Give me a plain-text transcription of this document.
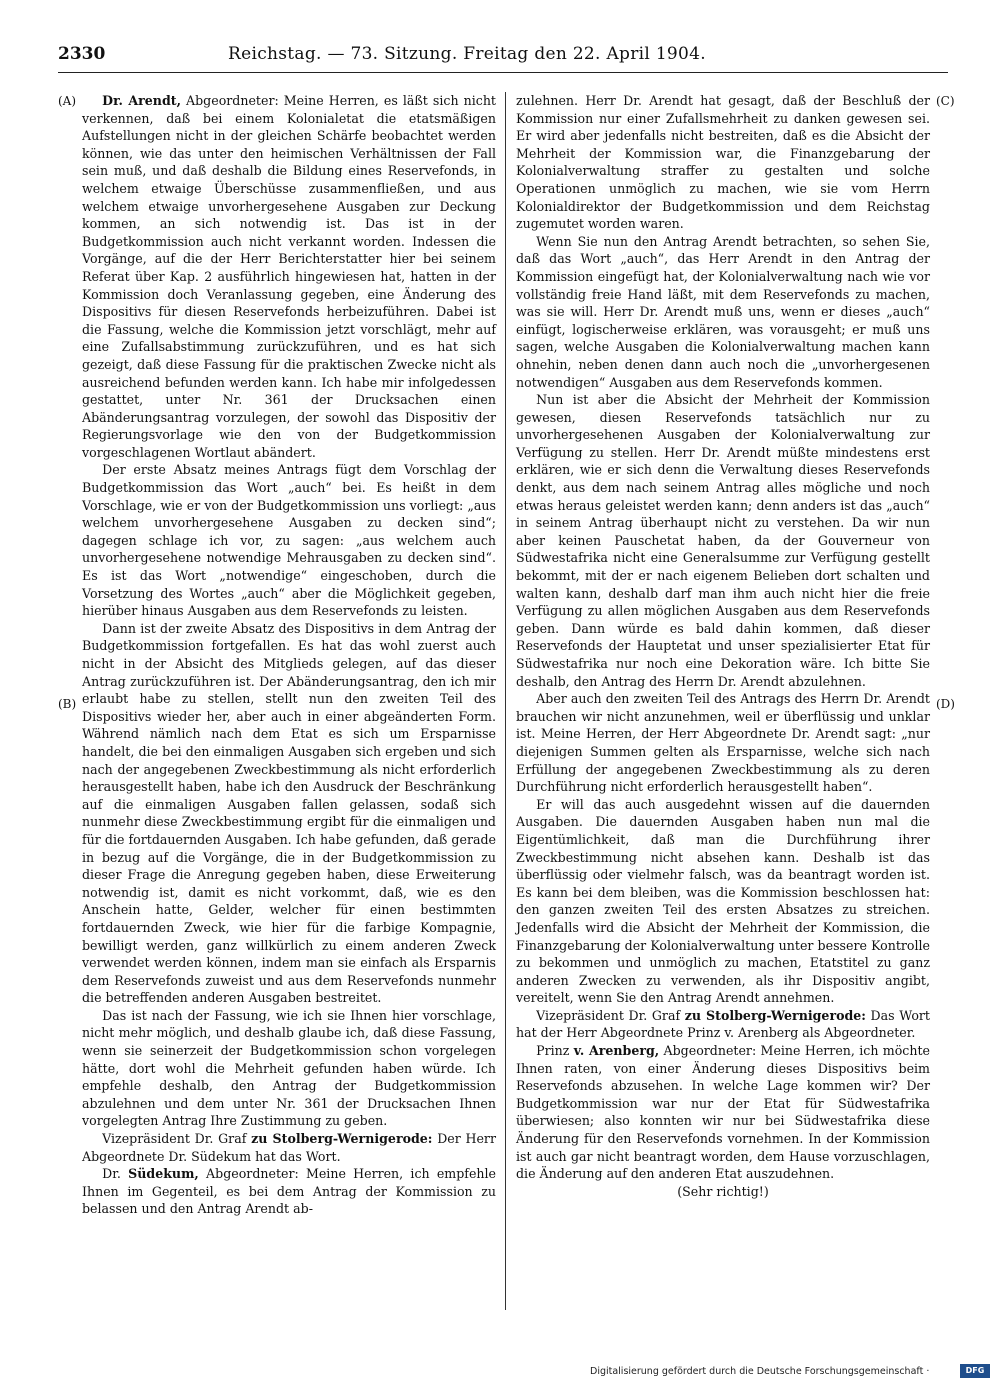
2330	Reichstag. — 73. Sitzung. Freitag den 22. April 1904.
(A)
(B)
(C)
(D)

Dr. Arendt, Abgeordneter: Meine Herren, es läßt sich nicht verkennen, daß bei einem Kolonialetat die etatsmäßigen Aufstellungen nicht in der gleichen Schärfe beobachtet werden können, wie das unter den heimischen Verhältnissen der Fall sein muß, und daß deshalb die Bildung eines Reservefonds, in welchem etwaige Überschüsse zusammenfließen, und aus welchem etwaige unvorhergesehene Ausgaben zur Deckung kommen, an sich notwendig ist. Das ist in der Budgetkommission auch nicht verkannt worden. Indessen die Vorgänge, auf die der Herr Berichterstatter hier bei seinem Referat über Kap. 2 ausführlich hingewiesen hat, hatten in der Kommission doch Veranlassung gegeben, eine Änderung des Dispositivs für diesen Reservefonds herbeizuführen. Dabei ist die Fassung, welche die Kommission jetzt vorschlägt, mehr auf eine Zufallsabstimmung zurückzuführen, und es hat sich gezeigt, daß diese Fassung für die praktischen Zwecke nicht als ausreichend befunden werden kann. Ich habe mir infolgedessen gestattet, unter Nr. 361 der Drucksachen einen Abänderungsantrag vorzulegen, der sowohl das Dispositiv der Regierungsvorlage wie den von der Budgetkommission vorgeschlagenen Wortlaut abändert.

Der erste Absatz meines Antrags fügt dem Vorschlag der Budgetkommission das Wort „auch“ bei. Es heißt in dem Vorschlage, wie er von der Budgetkommission uns vorliegt: „aus welchem unvorhergesehene Ausgaben zu decken sind“; dagegen schlage ich vor, zu sagen: „aus welchem auch unvorhergesehene notwendige Mehrausgaben zu decken sind“. Es ist das Wort „notwendige“ eingeschoben, durch die Vorsetzung des Wortes „auch“ aber die Möglichkeit gegeben, hierüber hinaus Ausgaben aus dem Reservefonds zu leisten.

Dann ist der zweite Absatz des Dispositivs in dem Antrag der Budgetkommission fortgefallen. Es hat das wohl zuerst auch nicht in der Absicht des Mitglieds gelegen, auf das dieser Antrag zurückzuführen ist. Der Abänderungsantrag, den ich mir erlaubt habe zu stellen, stellt nun den zweiten Teil des Dispositivs wieder her, aber auch in einer abgeänderten Form. Während nämlich nach dem Etat es sich um Ersparnisse handelt, die bei den einmaligen Ausgaben sich ergeben und sich nach der angegebenen Zweckbestimmung als nicht erforderlich herausgestellt haben, habe ich den Ausdruck der Beschränkung auf die einmaligen Ausgaben fallen gelassen, sodaß sich nunmehr diese Zweckbestimmung ergibt für die einmaligen und für die fortdauernden Ausgaben. Ich habe gefunden, daß gerade in bezug auf die Vorgänge, die in der Budgetkommission zu dieser Frage die Anregung gegeben haben, diese Erweiterung notwendig ist, damit es nicht vorkommt, daß, wie es den Anschein hatte, Gelder, welcher für einen bestimmten fortdauernden Zweck, wie hier für die farbige Kompagnie, bewilligt werden, ganz willkürlich zu einem anderen Zweck verwendet werden können, indem man sie einfach als Ersparnis dem Reservefonds zuweist und aus dem Reservefonds nunmehr die betreffenden anderen Ausgaben bestreitet.

Das ist nach der Fassung, wie ich sie Ihnen hier vorschlage, nicht mehr möglich, und deshalb glaube ich, daß diese Fassung, wenn sie seinerzeit der Budgetkommission schon vorgelegen hätte, dort wohl die Mehrheit gefunden haben würde. Ich empfehle deshalb, den Antrag der Budgetkommission abzulehnen und dem unter Nr. 361 der Drucksachen Ihnen vorgelegten Antrag Ihre Zustimmung zu geben.

Vizepräsident Dr. Graf zu Stolberg-Wernigerode: Der Herr Abgeordnete Dr. Südekum hat das Wort.

Dr. Südekum, Abgeordneter: Meine Herren, ich empfehle Ihnen im Gegenteil, es bei dem Antrag der Kommission zu belassen und den Antrag Arendt ab-

zulehnen. Herr Dr. Arendt hat gesagt, daß der Beschluß der Kommission nur einer Zufallsmehrheit zu danken gewesen sei. Er wird aber jedenfalls nicht bestreiten, daß es die Absicht der Mehrheit der Kommission war, die Finanzgebarung der Kolonialverwaltung straffer zu gestalten und solche Operationen unmöglich zu machen, wie sie vom Herrn Kolonialdirektor der Budgetkommission und dem Reichstag zugemutet worden waren.

Wenn Sie nun den Antrag Arendt betrachten, so sehen Sie, daß das Wort „auch“, das Herr Arendt in den Antrag der Kommission eingefügt hat, der Kolonialverwaltung nach wie vor vollständig freie Hand läßt, mit dem Reservefonds zu machen, was sie will. Herr Dr. Arendt muß uns, wenn er dieses „auch“ einfügt, logischerweise erklären, was vorausgeht; er muß uns sagen, welche Ausgaben die Kolonialverwaltung machen kann ohnehin, neben denen dann auch noch die „unvorhergesenen notwendigen“ Ausgaben aus dem Reservefonds kommen.

Nun ist aber die Absicht der Mehrheit der Kommission gewesen, diesen Reservefonds tatsächlich nur zu unvorhergesehenen Ausgaben der Kolonialverwaltung zur Verfügung zu stellen. Herr Dr. Arendt müßte mindestens erst erklären, wie er sich denn die Verwaltung dieses Reservefonds denkt, aus dem nach seinem Antrag alles mögliche und noch etwas heraus geleistet werden kann; denn anders ist das „auch“ in seinem Antrag überhaupt nicht zu verstehen. Da wir nun aber keinen Pauschetat haben, da der Gouverneur von Südwestafrika nicht eine Generalsumme zur Verfügung gestellt bekommt, mit der er nach eigenem Belieben dort schalten und walten kann, deshalb darf man ihm auch nicht hier die freie Verfügung zu allen möglichen Ausgaben aus dem Reservefonds geben. Dann würde es bald dahin kommen, daß dieser Reservefonds der Hauptetat und unser spezialisierter Etat für Südwestafrika nur noch eine Dekoration wäre. Ich bitte Sie deshalb, den Antrag des Herrn Dr. Arendt abzulehnen.

Aber auch den zweiten Teil des Antrags des Herrn Dr. Arendt brauchen wir nicht anzunehmen, weil er überflüssig und unklar ist. Meine Herren, der Herr Abgeordnete Dr. Arendt sagt: „nur diejenigen Summen gelten als Ersparnisse, welche sich nach Erfüllung der angegebenen Zweckbestimmung als zu deren Durchführung nicht erforderlich herausgestellt haben“.

Er will das auch ausgedehnt wissen auf die dauernden Ausgaben. Die dauernden Ausgaben haben nun mal die Eigentümlichkeit, daß man die Durchführung ihrer Zweckbestimmung nicht absehen kann. Deshalb ist das überflüssig oder vielmehr falsch, was da beantragt worden ist. Es kann bei dem bleiben, was die Kommission beschlossen hat: den ganzen zweiten Teil des ersten Absatzes zu streichen. Jedenfalls wird die Absicht der Mehrheit der Kommission, die Finanzgebarung der Kolonialverwaltung unter bessere Kontrolle zu bekommen und unmöglich zu machen, Etatstitel zu ganz anderen Zwecken zu verwenden, als ihr Dispositiv angibt, vereitelt, wenn Sie den Antrag Arendt annehmen.

Vizepräsident Dr. Graf zu Stolberg-Wernigerode: Das Wort hat der Herr Abgeordnete Prinz v. Arenberg als Abgeordneter.

Prinz v. Arenberg, Abgeordneter: Meine Herren, ich möchte Ihnen raten, von einer Änderung dieses Dispositivs beim Reservefonds abzusehen. In welche Lage kommen wir? Der Budgetkommission war nur der Etat für Südwestafrika überwiesen; also konnten wir nur bei Südwestafrika diese Änderung für den Reservefonds vornehmen. In der Kommission ist auch gar nicht beantragt worden, dem Hause vorzuschlagen, die Änderung auf den anderen Etat auszudehnen.

(Sehr richtig!)

Digitalisierung gefördert durch die Deutsche Forschungsgemeinschaft ·	DFG
